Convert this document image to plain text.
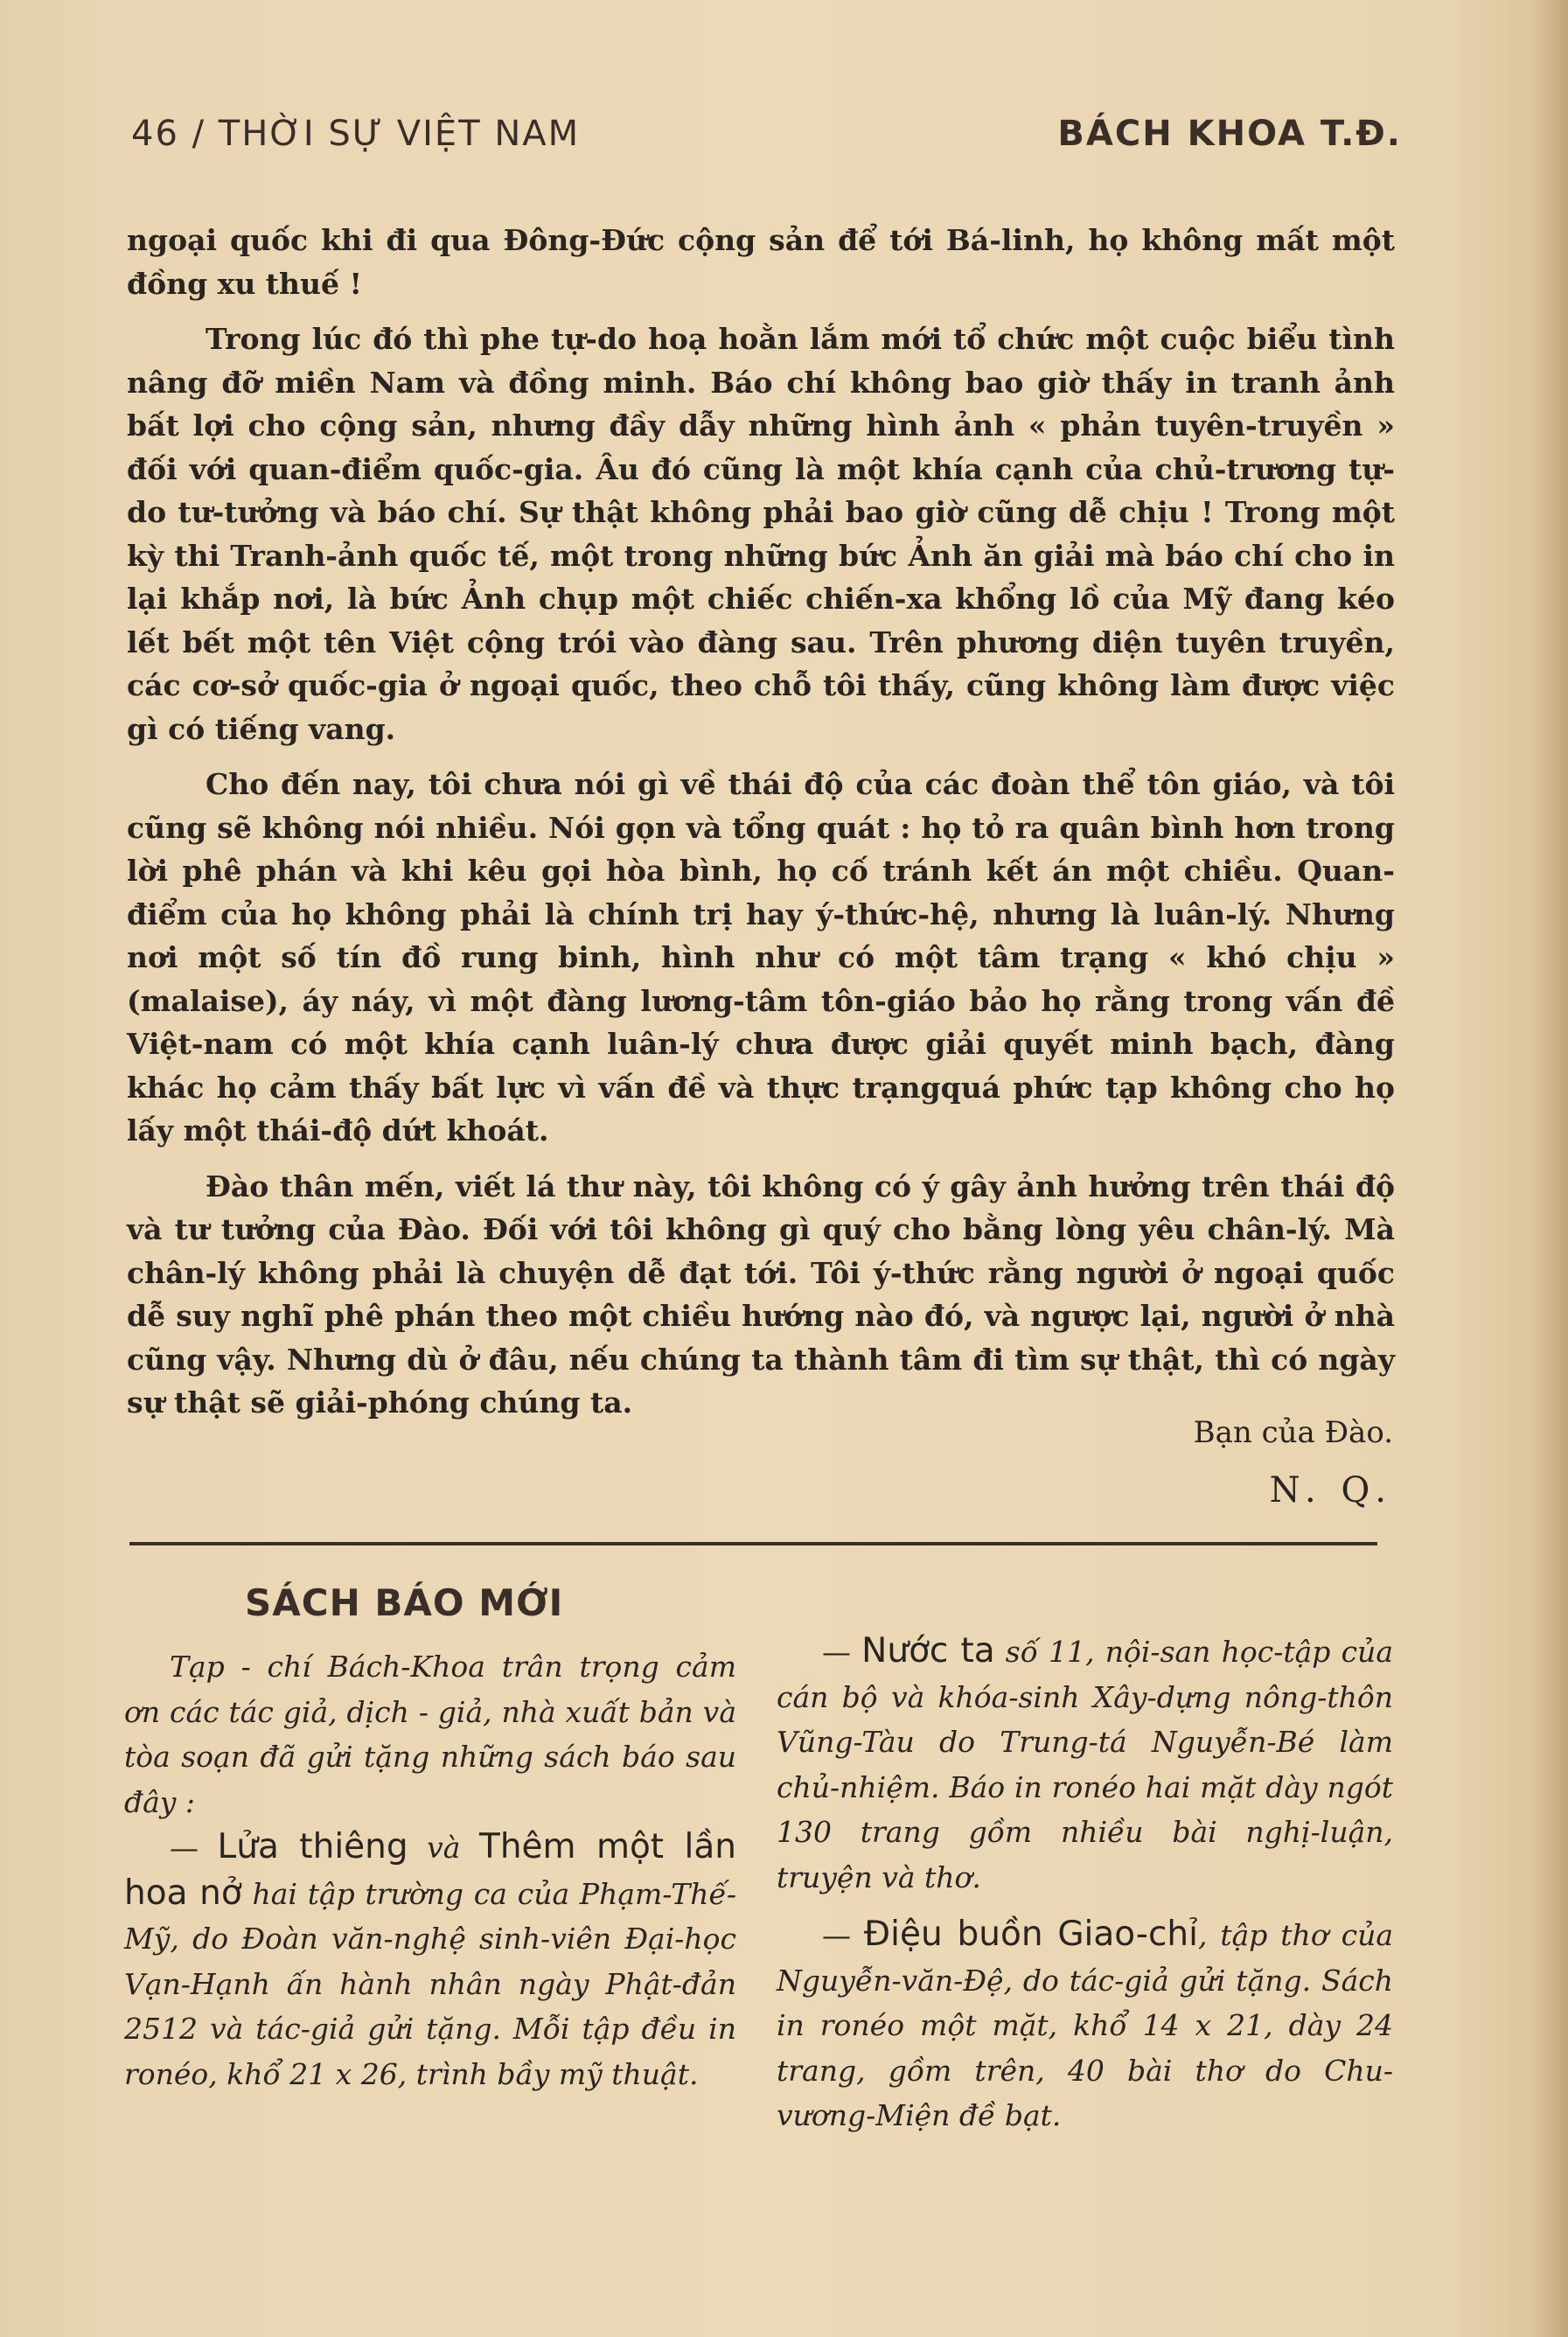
46 / THỜI SỰ VIỆT NAM	BÁCH KHOA T.Đ.

ngoại quốc khi đi qua Đông-Đức cộng sản để tới Bá-linh, họ không mất một đồng xu thuế !

Trong lúc đó thì phe tự-do hoạ hoằn lắm mới tổ chức một cuộc biểu tình nâng đỡ miền Nam và đồng minh. Báo chí không bao giờ thấy in tranh ảnh bất lợi cho cộng sản, nhưng đầy dẫy những hình ảnh « phản tuyên-truyền » đối với quan-điểm quốc-gia. Âu đó cũng là một khía cạnh của chủ-trương tự-do tư-tưởng và báo chí. Sự thật không phải bao giờ cũng dễ chịu ! Trong một kỳ thi Tranh-ảnh quốc tế, một trong những bức Ảnh ăn giải mà báo chí cho in lại khắp nơi, là bức Ảnh chụp một chiếc chiến-xa khổng lồ của Mỹ đang kéo lết bết một tên Việt cộng trói vào đàng sau. Trên phương diện tuyên truyền, các cơ-sở quốc-gia ở ngoại quốc, theo chỗ tôi thấy, cũng không làm được việc gì có tiếng vang.

Cho đến nay, tôi chưa nói gì về thái độ của các đoàn thể tôn giáo, và tôi cũng sẽ không nói nhiều. Nói gọn và tổng quát : họ tỏ ra quân bình hơn trong lời phê phán và khi kêu gọi hòa bình, họ cố tránh kết án một chiều. Quan-điểm của họ không phải là chính trị hay ý-thức-hệ, nhưng là luân-lý. Nhưng nơi một số tín đồ rung binh, hình như có một tâm trạng « khó chịu » (malaise), áy náy, vì một đàng lương-tâm tôn-giáo bảo họ rằng trong vấn đề Việt-nam có một khía cạnh luân-lý chưa được giải quyết minh bạch, đàng khác họ cảm thấy bất lực vì vấn đề và thực trạngquá phức tạp không cho họ lấy một thái-độ dứt khoát.

Đào thân mến, viết lá thư này, tôi không có ý gây ảnh hưởng trên thái độ và tư tưởng của Đào. Đối với tôi không gì quý cho bằng lòng yêu chân-lý. Mà chân-lý không phải là chuyện dễ đạt tới. Tôi ý-thức rằng người ở ngoại quốc dễ suy nghĩ phê phán theo một chiều hướng nào đó, và ngược lại, người ở nhà cũng vậy. Nhưng dù ở đâu, nếu chúng ta thành tâm đi tìm sự thật, thì có ngày sự thật sẽ giải-phóng chúng ta.

Bạn của Đào.
N. Q.
SÁCH BÁO MỚI

Tạp - chí Bách-Khoa trân trọng cảm ơn các tác giả, dịch - giả, nhà xuất bản và tòa soạn đã gửi tặng những sách báo sau đây :

— Lửa thiêng và Thêm một lần hoa nở hai tập trường ca của Phạm-Thế-Mỹ, do Đoàn văn-nghệ sinh-viên Đại-học Vạn-Hạnh ấn hành nhân ngày Phật-đản 2512 và tác-giả gửi tặng. Mỗi tập đều in ronéo, khổ 21 x 26, trình bầy mỹ thuật.

— Nước ta số 11, nội-san học-tập của cán bộ và khóa-sinh Xây-dựng nông-thôn Vũng-Tàu do Trung-tá Nguyễn-Bé làm chủ-nhiệm. Báo in ronéo hai mặt dày ngót 130 trang gồm nhiều bài nghị-luận, truyện và thơ.

— Điệu buồn Giao-chỉ, tập thơ của Nguyễn-văn-Đệ, do tác-giả gửi tặng. Sách in ronéo một mặt, khổ 14 x 21, dày 24 trang, gồm trên, 40 bài thơ do Chu-vương-Miện đề bạt.
